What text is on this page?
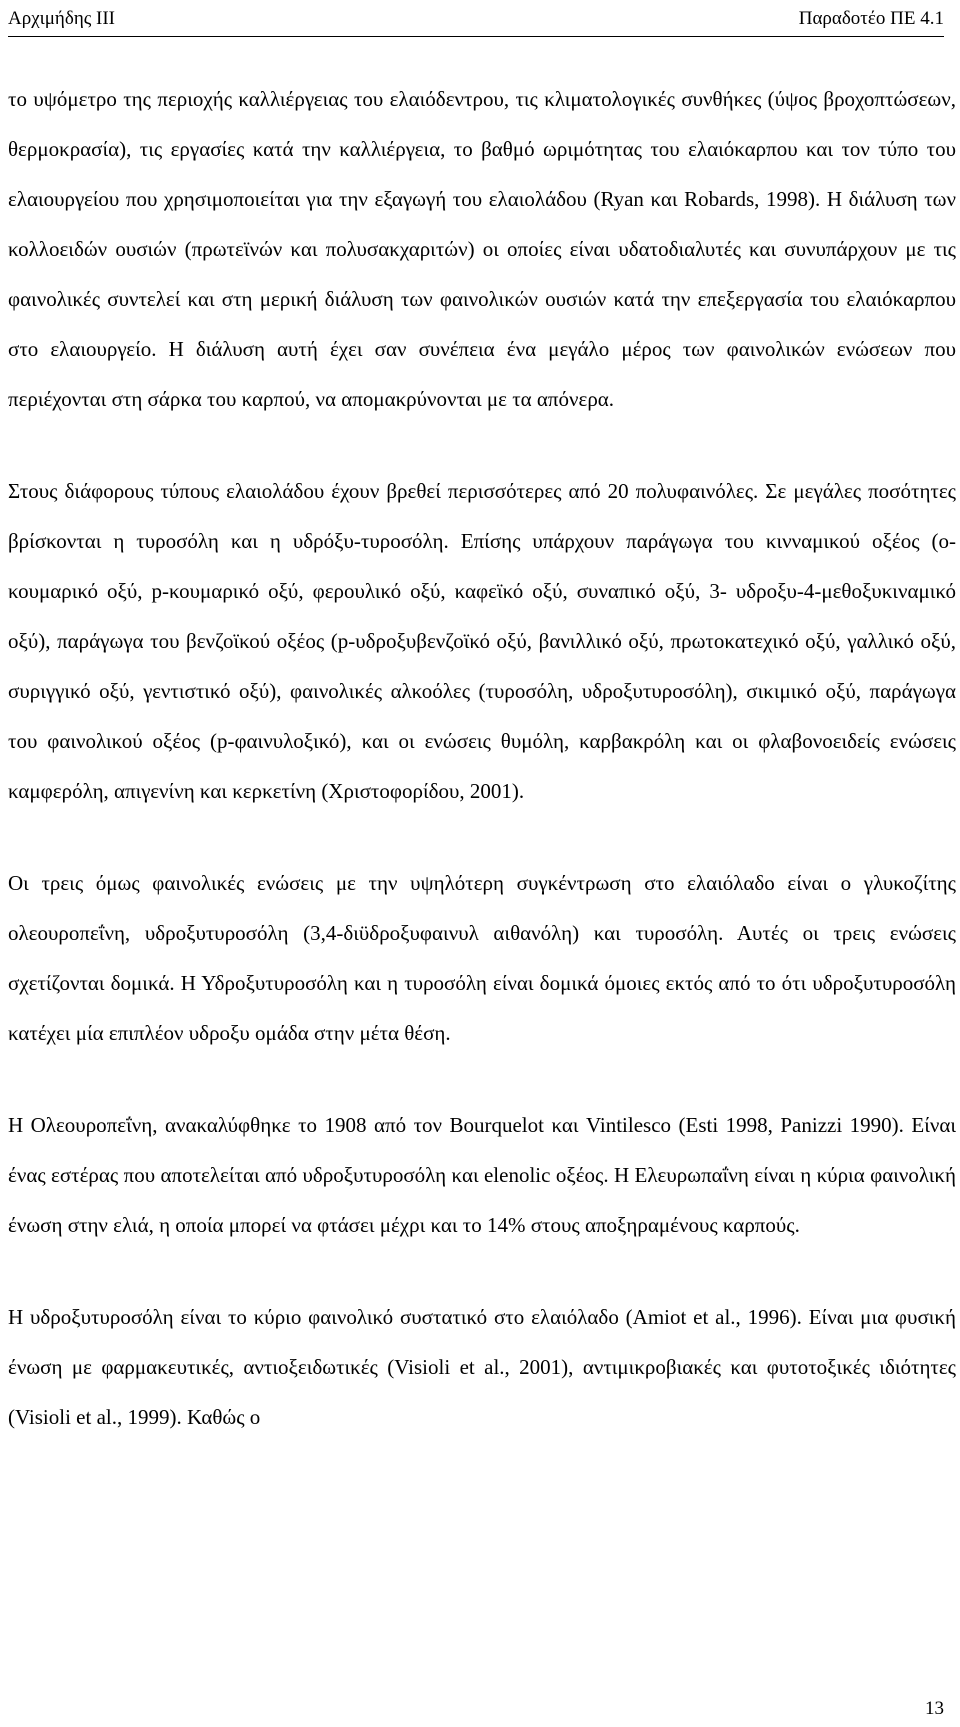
Αρχιμήδης ΙΙΙ	Παραδοτέο ΠΕ 4.1

το υψόμετρο της περιοχής καλλιέργειας του ελαιόδεντρου, τις κλιματολογικές συνθήκες (ύψος βροχοπτώσεων, θερμοκρασία), τις εργασίες κατά την καλλιέργεια, το βαθμό ωριμότητας του ελαιόκαρπου και τον τύπο του ελαιουργείου που χρησιμοποιείται για την εξαγωγή του ελαιολάδου (Ryan και Robards, 1998). Η διάλυση των κολλοειδών ουσιών (πρωτεϊνών και πολυσακχαριτών) οι οποίες είναι υδατοδιαλυτές και συνυπάρχουν με τις φαινολικές συντελεί και στη μερική διάλυση των φαινολικών ουσιών κατά την επεξεργασία του ελαιόκαρπου στο ελαιουργείο. Η διάλυση αυτή έχει σαν συνέπεια ένα μεγάλο μέρος των φαινολικών ενώσεων που περιέχονται στη σάρκα του καρπού, να απομακρύνονται με τα απόνερα.

Στους διάφορους τύπους ελαιολάδου έχουν βρεθεί περισσότερες από 20 πολυφαινόλες. Σε μεγάλες ποσότητες βρίσκονται η τυροσόλη και η υδρόξυ-τυροσόλη. Επίσης υπάρχουν παράγωγα του κινναμικού οξέος (ο-κουμαρικό οξύ, p-κουμαρικό οξύ, φερουλικό οξύ, καφεϊκό οξύ, συναπικό οξύ, 3- υδροξυ-4-μεθοξυκιναμικό οξύ), παράγωγα του βενζοϊκού οξέος (p-υδροξυβενζοϊκό οξύ, βανιλλικό οξύ, πρωτοκατεχικό οξύ, γαλλικό οξύ, συριγγικό οξύ, γεντιστικό οξύ), φαινολικές αλκοόλες (τυροσόλη, υδροξυτυροσόλη), σικιμικό οξύ, παράγωγα του φαινολικού οξέος (p-φαινυλοξικό), και οι ενώσεις θυμόλη, καρβακρόλη και οι φλαβονοειδείς ενώσεις καμφερόλη, απιγενίνη και κερκετίνη (Χριστοφορίδου, 2001).

Οι τρεις όμως φαινολικές ενώσεις με την υψηλότερη συγκέντρωση στο ελαιόλαδο είναι ο γλυκοζίτης ολεουροπεΐνη, υδροξυτυροσόλη (3,4-διϋδροξυφαινυλ αιθανόλη) και τυροσόλη. Αυτές οι τρεις ενώσεις σχετίζονται δομικά. Η Υδροξυτυροσόλη και η τυροσόλη είναι δομικά όμοιες εκτός από το ότι υδροξυτυροσόλη κατέχει μία επιπλέον υδροξυ ομάδα στην μέτα θέση.

Η Ολεουροπεΐνη, ανακαλύφθηκε το 1908 από τον Bourquelot και Vintilesco (Esti 1998, Panizzi 1990). Είναι ένας εστέρας που αποτελείται από υδροξυτυροσόλη και elenolic οξέος. Η Ελευρωπαΐνη είναι η κύρια φαινολική ένωση στην ελιά, η οποία μπορεί να φτάσει μέχρι και το 14% στους αποξηραμένους καρπούς.

Η υδροξυτυροσόλη είναι το κύριο φαινολικό συστατικό στο ελαιόλαδο (Amiot et al., 1996). Είναι μια φυσική ένωση με φαρμακευτικές, αντιοξειδωτικές (Visioli et al., 2001), αντιμικροβιακές και φυτοτοξικές ιδιότητες (Visioli et al., 1999). Καθώς ο

13
